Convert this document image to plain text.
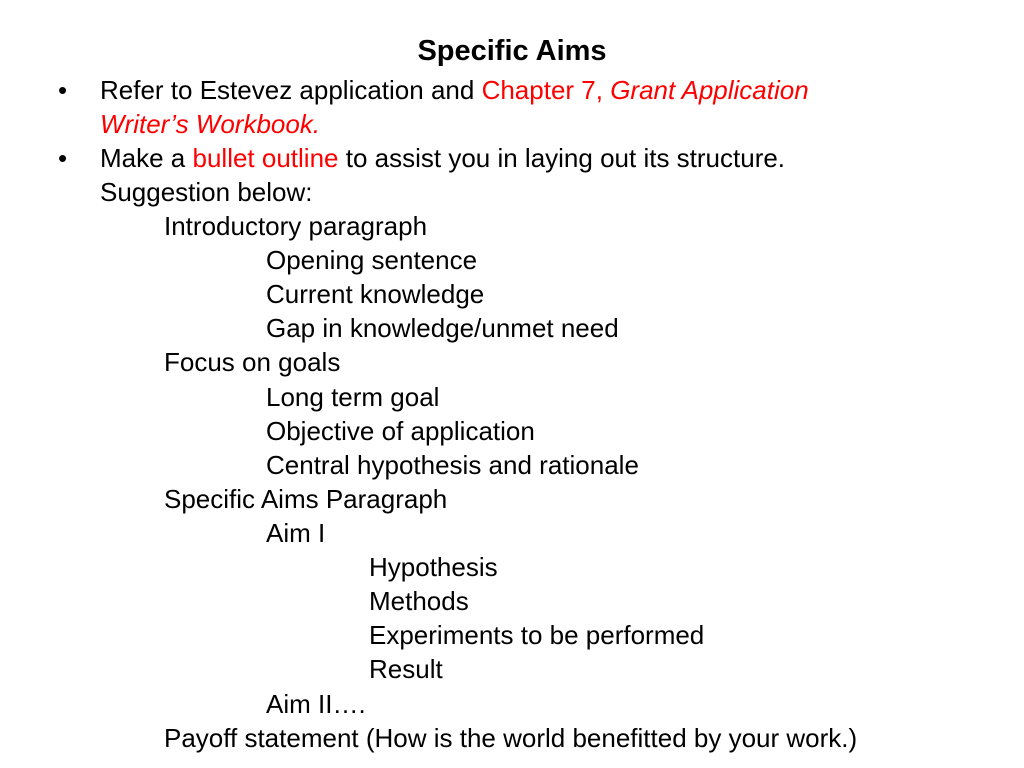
Specific Aims
• Refer to Estevez application and Chapter 7, Grant Application
Writer’s Workbook.
• Make a bullet outline to assist you in laying out its structure.
Suggestion below:
Introductory paragraph
Opening sentence
Current knowledge
Gap in knowledge/unmet need
Focus on goals
Long term goal
Objective of application
Central hypothesis and rationale
Specific Aims Paragraph
Aim I
Hypothesis
Methods
Experiments to be performed
Result
Aim II….
Payoff statement (How is the world benefitted by your work.)
